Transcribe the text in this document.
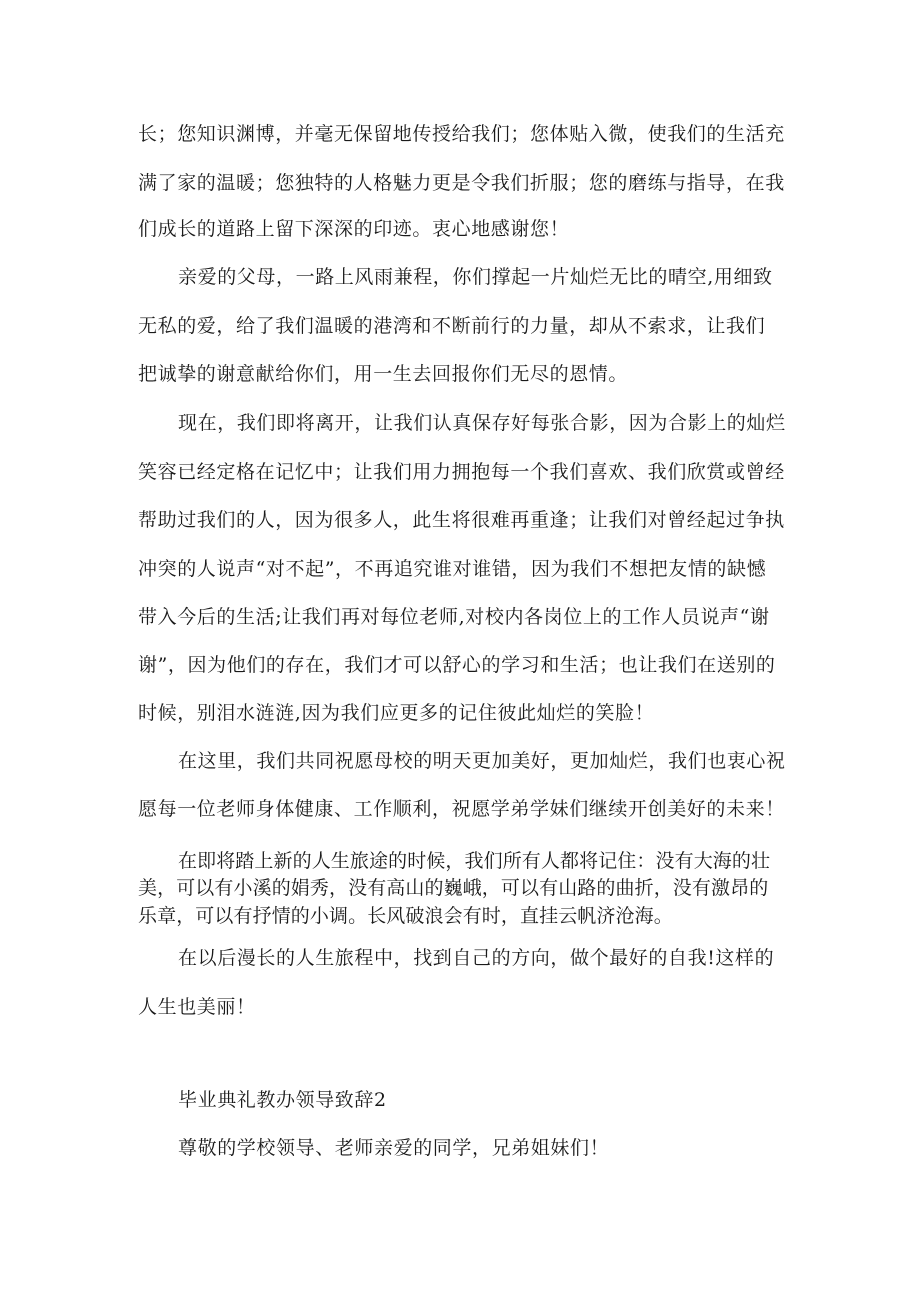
长；您知识渊博，并毫无保留地传授给我们；您体贴入微，使我们的生活充
满了家的温暖；您独特的人格魅力更是令我们折服；您的磨练与指导，在我
们成长的道路上留下深深的印迹。衷心地感谢您！
亲爱的父母，一路上风雨兼程，你们撑起一片灿烂无比的晴空,用细致
无私的爱，给了我们温暖的港湾和不断前行的力量，却从不索求，让我们
把诚挚的谢意献给你们，用一生去回报你们无尽的恩情。
现在，我们即将离开，让我们认真保存好每张合影，因为合影上的灿烂
笑容已经定格在记忆中；让我们用力拥抱每一个我们喜欢、我们欣赏或曾经
帮助过我们的人，因为很多人，此生将很难再重逢；让我们对曾经起过争执
冲突的人说声“对不起”，不再追究谁对谁错，因为我们不想把友情的缺憾
带入今后的生活;让我们再对每位老师,对校内各岗位上的工作人员说声“谢
谢”，因为他们的存在，我们才可以舒心的学习和生活；也让我们在送别的
时候，别泪水涟涟,因为我们应更多的记住彼此灿烂的笑脸！
在这里，我们共同祝愿母校的明天更加美好，更加灿烂，我们也衷心祝
愿每一位老师身体健康、工作顺利，祝愿学弟学妹们继续开创美好的未来！
在即将踏上新的人生旅途的时候，我们所有人都将记住：没有大海的壮
美，可以有小溪的娟秀，没有高山的巍峨，可以有山路的曲折，没有激昂的
乐章，可以有抒情的小调。长风破浪会有时，直挂云帆济沧海。
在以后漫长的人生旅程中，找到自己的方向，做个最好的自我!这样的
人生也美丽！
毕业典礼教办领导致辞2
尊敬的学校领导、老师亲爱的同学，兄弟姐妹们！
